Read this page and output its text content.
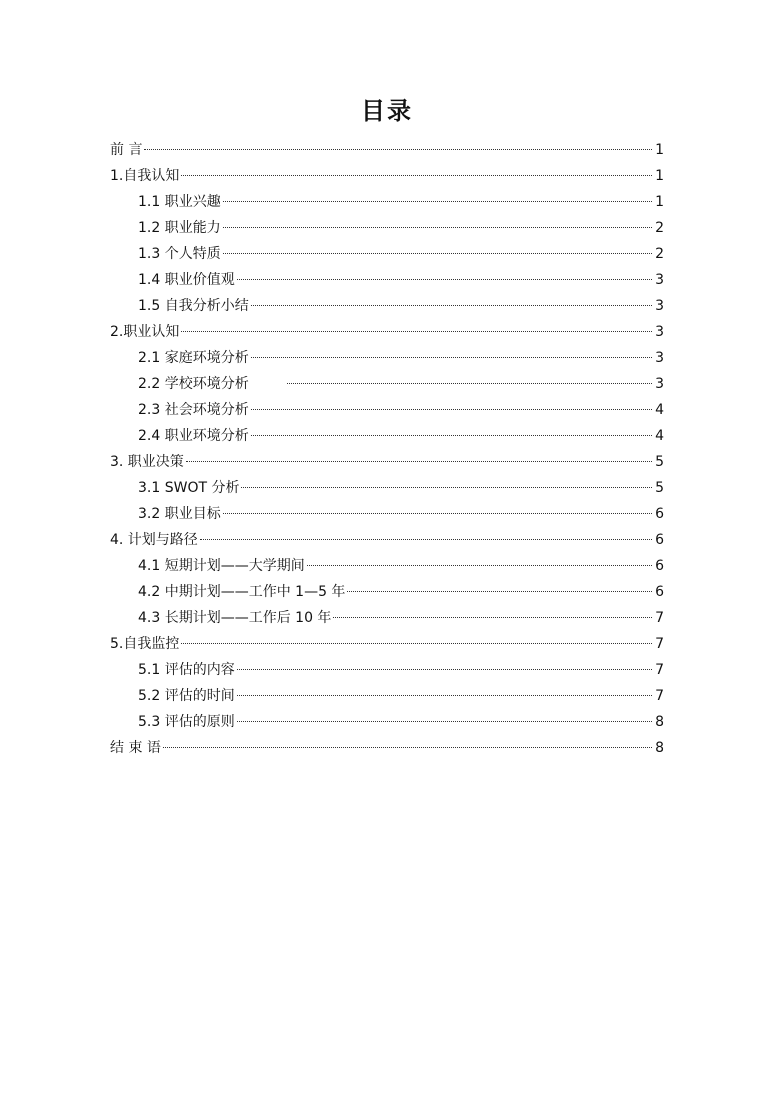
目录
前 言	1
1.自我认知	1
1.1 职业兴趣	1
1.2 职业能力	2
1.3 个人特质	2
1.4 职业价值观	3
1.5 自我分析小结	3
2.职业认知	3
2.1 家庭环境分析	3
2.2 学校环境分析	3
2.3 社会环境分析	4
2.4 职业环境分析	4
3. 职业决策	5
3.1 SWOT 分析	5
3.2 职业目标	6
4. 计划与路径	6
4.1 短期计划——大学期间	6
4.2 中期计划——工作中 1—5 年	6
4.3 长期计划——工作后 10 年	7
5.自我监控	7
5.1 评估的内容	7
5.2 评估的时间	7
5.3 评估的原则	8
结 束 语	8
